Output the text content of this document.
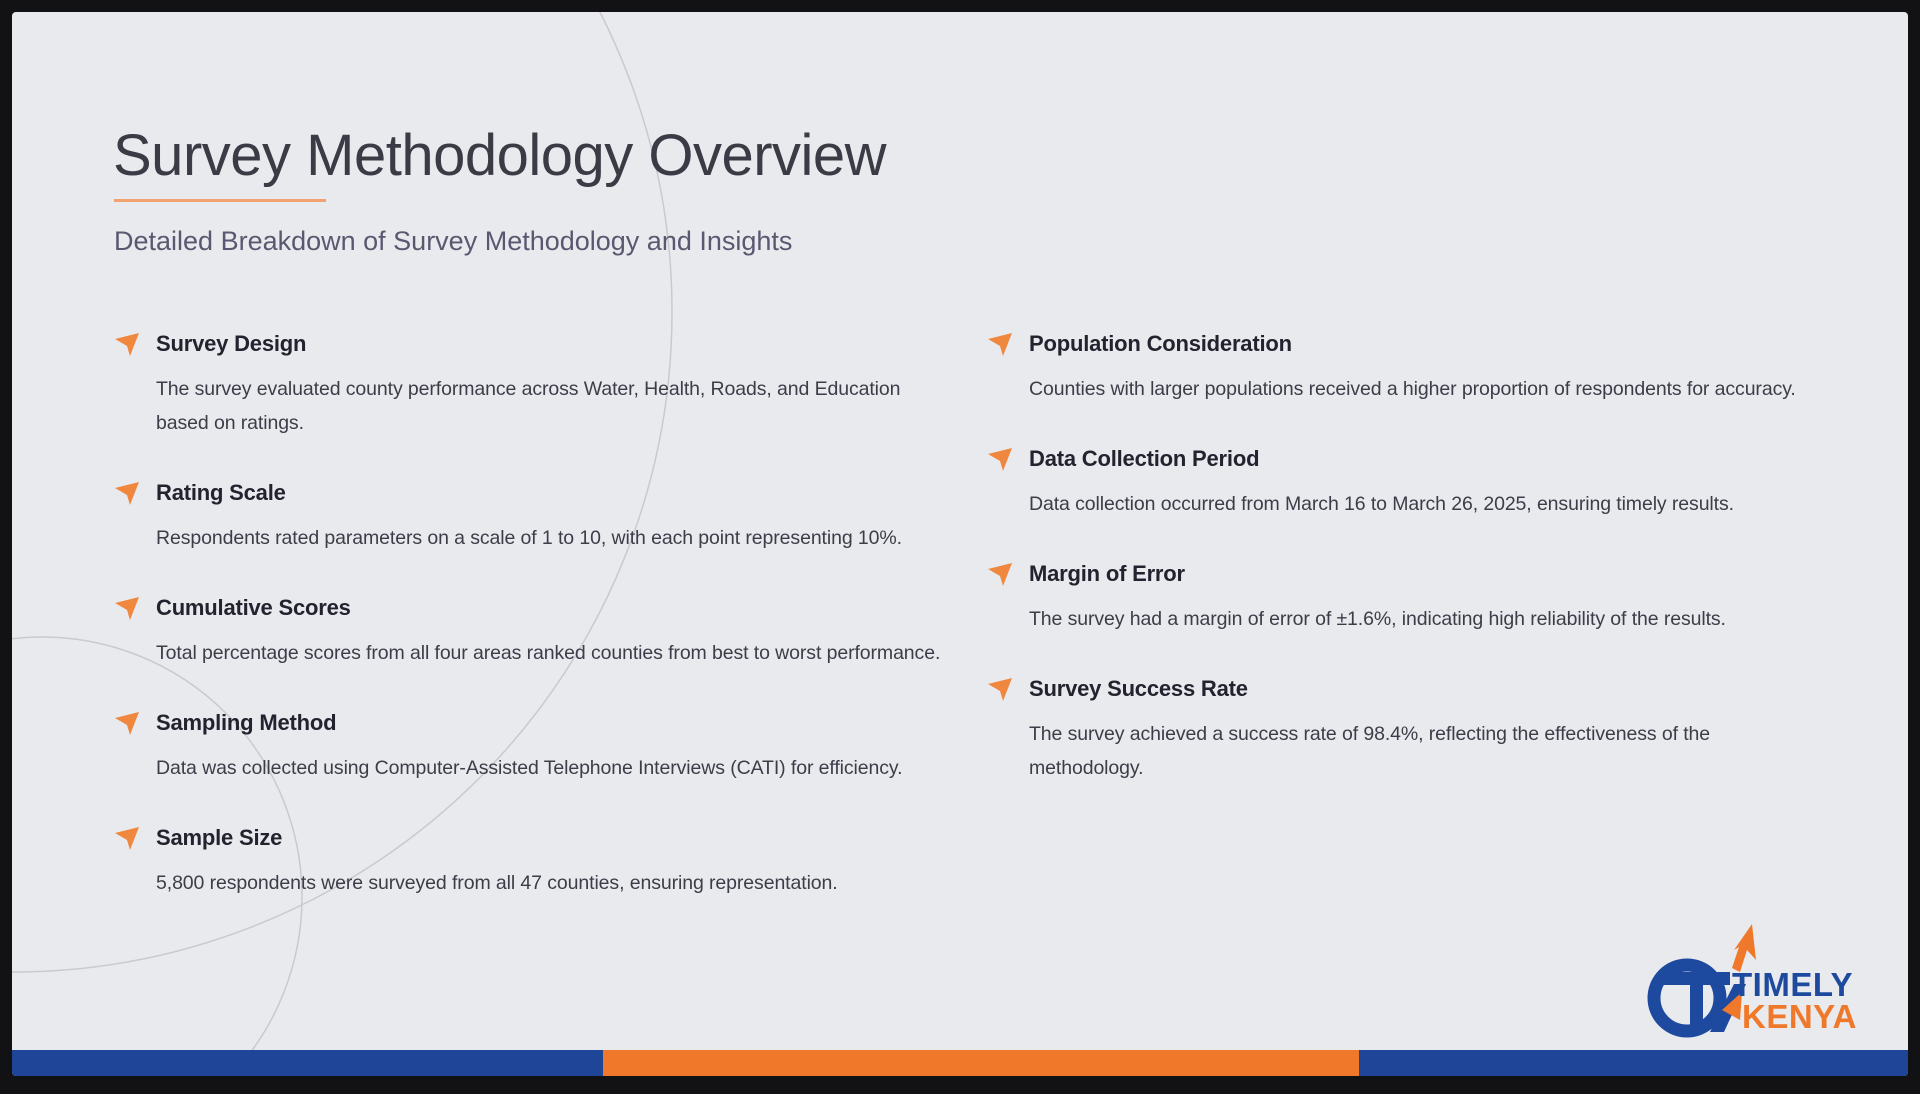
Survey Methodology Overview
Detailed Breakdown of Survey Methodology and Insights
Survey Design

The survey evaluated county performance across Water, Health, Roads, and Education based on ratings.

Rating Scale

Respondents rated parameters on a scale of 1 to 10, with each point representing 10%.

Cumulative Scores

Total percentage scores from all four areas ranked counties from best to worst performance.

Sampling Method

Data was collected using Computer-Assisted Telephone Interviews (CATI) for efficiency.

Sample Size

5,800 respondents were surveyed from all 47 counties, ensuring representation.

Population Consideration

Counties with larger populations received a higher proportion of respondents for accuracy.

Data Collection Period

Data collection occurred from March 16 to March 26, 2025, ensuring timely results.

Margin of Error

The survey had a margin of error of ±1.6%, indicating high reliability of the results.

Survey Success Rate

The survey achieved a success rate of 98.4%, reflecting the effectiveness of the methodology.

TIMELY
KENYA
